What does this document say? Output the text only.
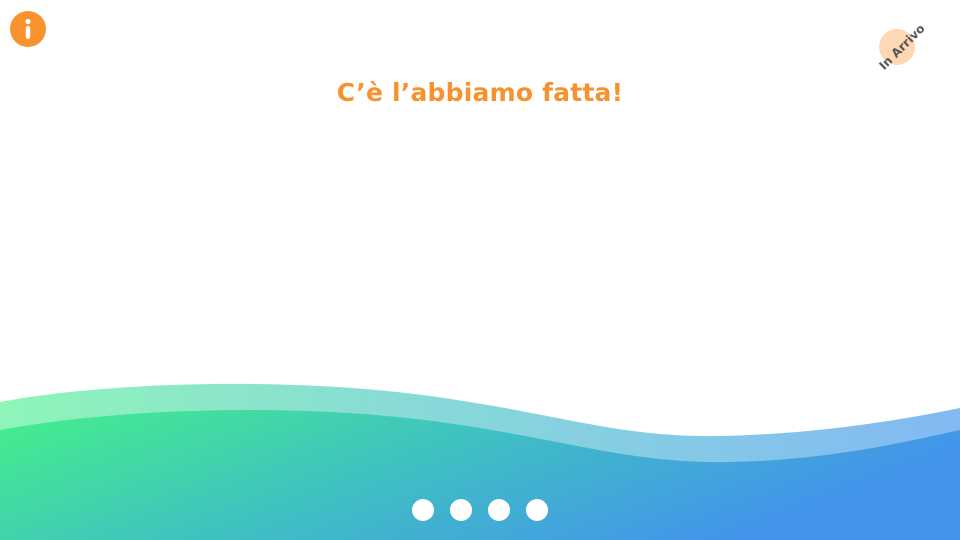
In Arrivo
C’è l’abbiamo fatta!
